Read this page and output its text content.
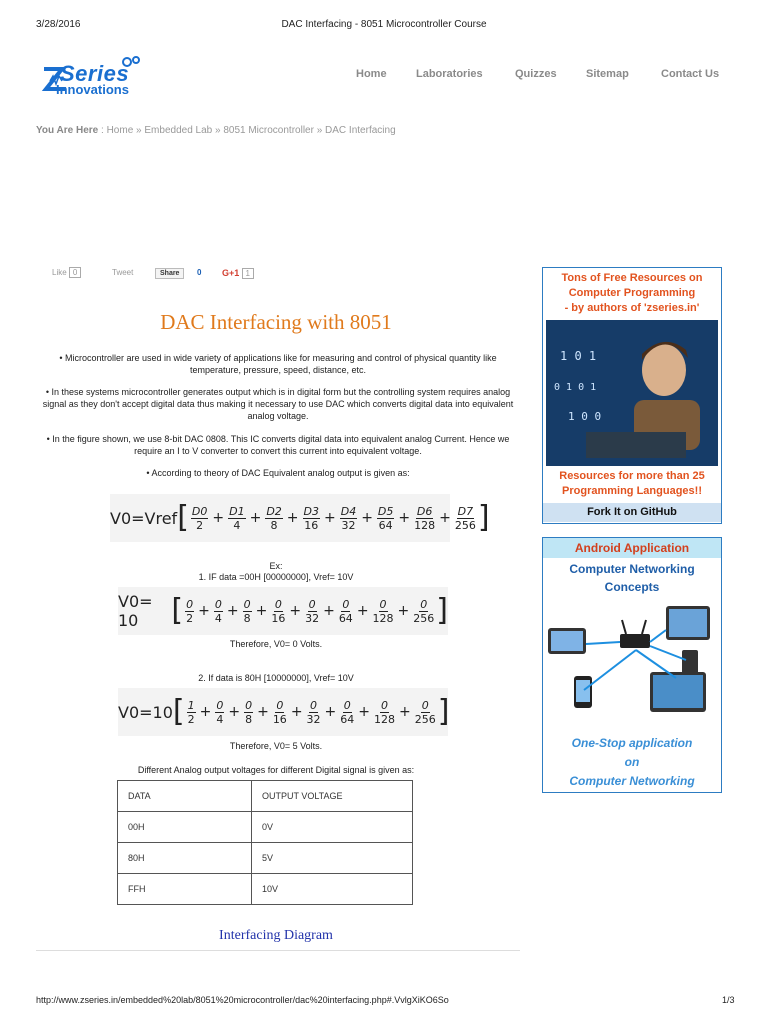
3/28/2016	DAC Interfacing - 8051 Microcontroller Course
Series
Innovations
Home	Laboratories	Quizzes	Sitemap	Contact Us
You Are Here : Home » Embedded Lab » 8051 Microcontroller » DAC Interfacing
Like 0	Tweet	Share	0 G+1 1
DAC Interfacing with 8051
• Microcontroller are used in wide variety of applications like for measuring and control of physical quantity like temperature, pressure, speed, distance, etc.
• In these systems microcontroller generates output which is in digital form but the controlling system requires analog signal as they don't accept digital data thus making it necessary to use DAC which converts digital data into equivalent analog voltage.
• In the figure shown, we use 8-bit DAC 0808. This IC converts digital data into equivalent analog Current. Hence we require an I to V converter to convert this current into equivalent voltage.
• According to theory of DAC Equivalent analog output is given as:
V0=Vref [ $\frac{D0}{2} + \frac{D1}{4} + \frac{D2}{8} + \frac{D3}{16} + \frac{D4}{32} + \frac{D5}{64} + \frac{D6}{128} + \frac{D7}{256}$ ]
Ex:
1. IF data =00H [00000000], Vref= 10V
V0= 10	[ $\frac{0}{2} + \frac{0}{4} + \frac{0}{8} + \frac{0}{16} + \frac{0}{32} + \frac{0}{64} + \frac{0}{128} + \frac{0}{256}$ ]
Therefore, V0= 0 Volts.
2. If data is 80H [10000000], Vref= 10V
V0=10 [ $\frac{1}{2} + \frac{0}{4} + \frac{0}{8} + \frac{0}{16} + \frac{0}{32} + \frac{0}{64} + \frac{0}{128} + \frac{0}{256}$ ]
Therefore, V0= 5 Volts.
Different Analog output voltages for different Digital signal is given as:
DATA	OUTPUT VOLTAGE
00H	0V
80H	5V
FFH	10V
Interfacing Diagram
Tons of Free Resources on
Computer Programming
- by authors of 'zseries.in'
1 0 1
0 1 0 1
1 0 0
Resources for more than 25
Programming Languages!!
Fork It on GitHub
Android Application
Computer Networking
Concepts
One-Stop application
on
Computer Networking
http://www.zseries.in/embedded%20lab/8051%20microcontroller/dac%20interfacing.php#.VvlgXiKO6So	1/3
